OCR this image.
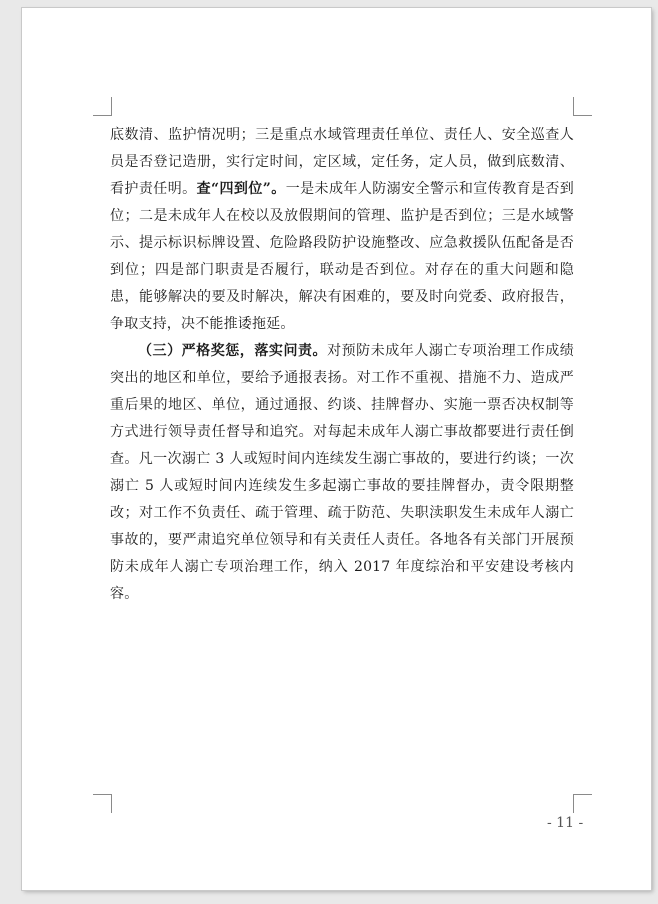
底数清、监护情况明；三是重点水域管理责任单位、责任人、安全巡查人员是否登记造册，实行定时间，定区域，定任务，定人员，做到底数清、看护责任明。查“四到位”。一是未成年人防溺安全警示和宣传教育是否到位；二是未成年人在校以及放假期间的管理、监护是否到位；三是水域警示、提示标识标牌设置、危险路段防护设施整改、应急救援队伍配备是否到位；四是部门职责是否履行，联动是否到位。对存在的重大问题和隐患，能够解决的要及时解决，解决有困难的，要及时向党委、政府报告，争取支持，决不能推诿拖延。

（三）严格奖惩，落实问责。对预防未成年人溺亡专项治理工作成绩突出的地区和单位，要给予通报表扬。对工作不重视、措施不力、造成严重后果的地区、单位，通过通报、约谈、挂牌督办、实施一票否决权制等方式进行领导责任督导和追究。对每起未成年人溺亡事故都要进行责任倒查。凡一次溺亡 3 人或短时间内连续发生溺亡事故的，要进行约谈；一次溺亡 5 人或短时间内连续发生多起溺亡事故的要挂牌督办，责令限期整改；对工作不负责任、疏于管理、疏于防范、失职渎职发生未成年人溺亡事故的，要严肃追究单位领导和有关责任人责任。各地各有关部门开展预防未成年人溺亡专项治理工作，纳入 2017 年度综治和平安建设考核内容。

- 11 -
